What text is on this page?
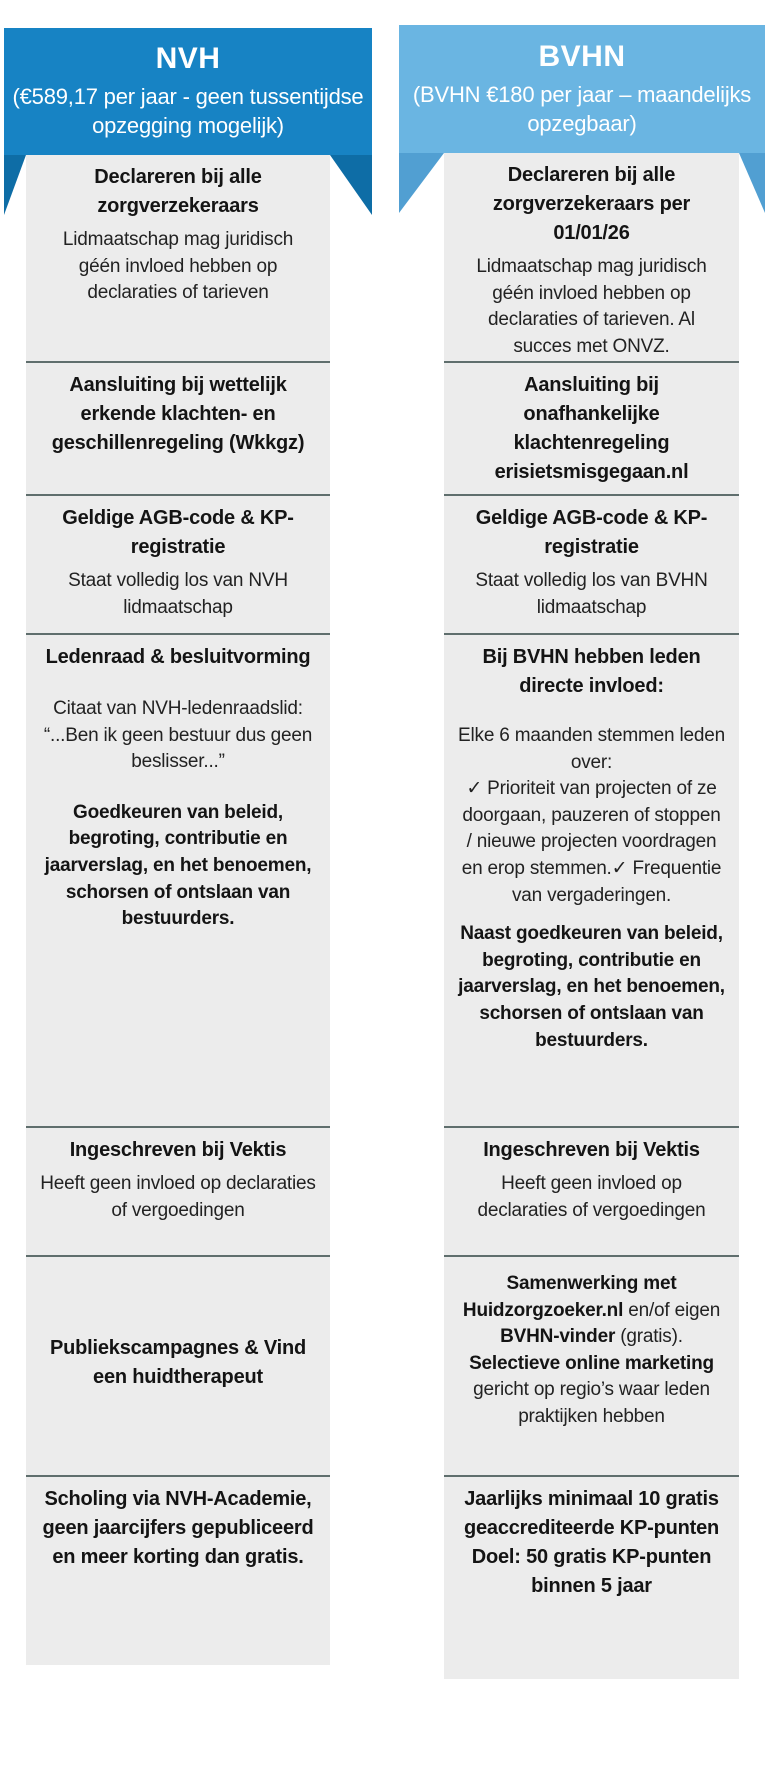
NVH
(€589,17 per jaar - geen tussentijdse opzegging mogelijk)
Declareren bij alle zorgverzekeraars
Lidmaatschap mag juridisch géén invloed hebben op declaraties of tarieven
Aansluiting bij wettelijk erkende klachten- en geschillenregeling (Wkkgz)
Geldige AGB-code & KP-registratie
Staat volledig los van NVH lidmaatschap
Ledenraad & besluitvorming
Citaat van NVH-ledenraadslid: “...Ben ik geen bestuur dus geen beslisser...”
Goedkeuren van beleid, begroting, contributie en jaarverslag, en het benoemen, schorsen of ontslaan van bestuurders.
Ingeschreven bij Vektis
Heeft geen invloed op declaraties of vergoedingen
Publiekscampagnes & Vind een huidtherapeut
Scholing via NVH-Academie, geen jaarcijfers gepubliceerd en meer korting dan gratis.
BVHN
(BVHN €180 per jaar – maandelijks opzegbaar)
Declareren bij alle zorgverzekeraars per 01/01/26
Lidmaatschap mag juridisch géén invloed hebben op declaraties of tarieven. Al succes met ONVZ.
Aansluiting bij onafhankelijke klachtenregeling erisietsmisgegaan.nl
Geldige AGB-code & KP-registratie
Staat volledig los van BVHN lidmaatschap
Bij BVHN hebben leden directe invloed:
Elke 6 maanden stemmen leden over:
✓ Prioriteit van projecten of ze doorgaan, pauzeren of stoppen / nieuwe projecten voordragen en erop stemmen.✓ Frequentie van vergaderingen.
Naast goedkeuren van beleid, begroting, contributie en jaarverslag, en het benoemen, schorsen of ontslaan van bestuurders.
Ingeschreven bij Vektis
Heeft geen invloed op declaraties of vergoedingen
Samenwerking met Huidzorgzoeker.nl en/of eigen BVHN-vinder (gratis). Selectieve online marketing gericht op regio’s waar leden praktijken hebben
Jaarlijks minimaal 10 gratis geaccrediteerde KP-punten Doel: 50 gratis KP-punten binnen 5 jaar
